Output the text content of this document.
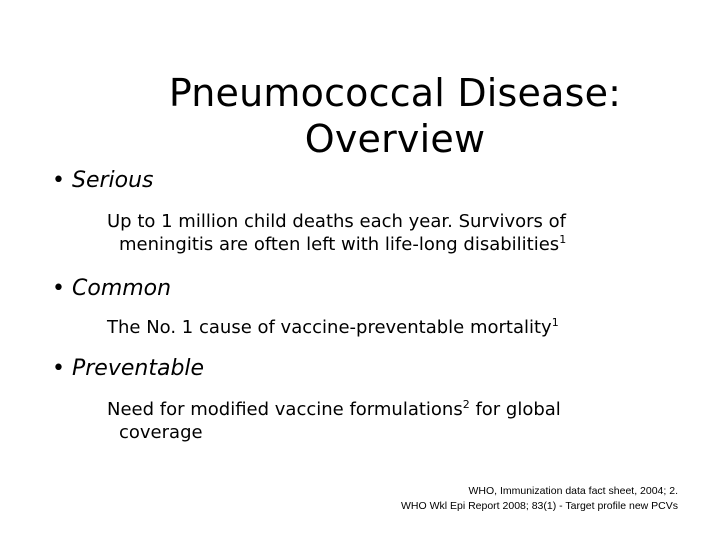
Pneumococcal Disease:
Overview
• Serious
Up to 1 million child deaths each year. Survivors of
meningitis are often left with life-long disabilities$^1$
• Common
The No. 1 cause of vaccine-preventable mortality$^1$
• Preventable
Need for modified vaccine formulations$^2$ for global
coverage
WHO, Immunization data fact sheet, 2004; 2.
WHO Wkl Epi Report 2008; 83(1) - Target profile new PCVs
